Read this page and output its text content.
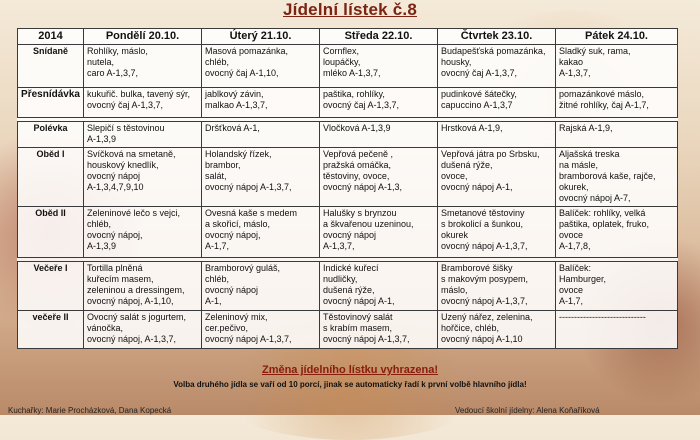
Jídelní lístek č.8
2014	Pondělí 20.10.	Úterý 21.10.	Středa 22.10.	Čtvrtek 23.10.	Pátek 24.10.
Snídaně	Rohlíky, máslo,
nutela,
caro A-1,3,7,	Masová pomazánka,
chléb,
ovocný čaj A-1,10,	Cornflex,
loupáčky,
mléko A-1,3,7,	Budapešťská pomazánka,
housky,
ovocný čaj A-1,3,7,	Sladký suk, rama,
kakao
A-1,3,7,
Přesnídávka	kukuřič. bulka, tavený sýr,
ovocný čaj A-1,3,7,	jablkový závin,
malkao A-1,3,7,	paštika, rohlíky,
ovocný čaj A-1,3,7,	pudinkové šátečky,
capuccino A-1,3,7	pomazánkové máslo,
žitné rohlíky, čaj A-1,7,

Polévka	Slepičí s těstovinou
A-1,3,9	Dršťková A-1,	Vločková A-1,3,9	Hrstková A-1,9,	Rajská A-1,9,
Oběd I	Svíčková na smetaně,
houskový knedlík,
ovocný nápoj
A-1,3,4,7,9,10	Holandský řízek,
brambor,
salát,
ovocný nápoj A-1,3,7,	Vepřová pečeně ,
pražská omáčka,
těstoviny, ovoce,
ovocný nápoj A-1,3,	Vepřová játra po Srbsku,
dušená rýže,
ovoce,
ovocný nápoj A-1,	Aljašská treska
na másle,
bramborová kaše, rajče,
okurek,
ovocný nápoj A-7,
Oběd II	Zeleninové lečo s vejci,
chléb,
ovocný nápoj,
A-1,3,9	Ovesná kaše s medem
a skořicí, máslo,
ovocný nápoj,
A-1,7,	Halušky s brynzou
a škvařenou uzeninou,
ovocný nápoj
A-1,3,7,	Smetanové těstoviny
s brokolicí a šunkou,
okurek
ovocný nápoj A-1,3,7,	Balíček: rohlíky, velká
paštika, oplatek, fruko,
ovoce
A-1,7,8,

Večeře I	Tortilla plněná
kuřecím masem,
zeleninou a dressingem,
ovocný nápoj, A-1,10,	Bramborový guláš,
chléb,
ovocný nápoj
A-1,	Indické kuřecí
nudličky,
dušená rýže,
ovocný nápoj A-1,	Bramborové šišky
s makovým posypem,
máslo,
ovocný nápoj A-1,3,7,	Balíček:
Hamburger,
ovoce
A-1,7,
večeře II	Ovocný salát s jogurtem,
vánočka,
ovocný nápoj, A-1,3,7,	Zeleninový mix,
cer.pečivo,
ovocný nápoj A-1,3,7,	Těstovinový salát
s krabím masem,
ovocný nápoj A-1,3,7,	Uzený nářez, zelenina,
hořčice, chléb,
ovocný nápoj A-1,10	-----------------------------
Změna jídelního lístku vyhrazena!
Volba druhého jídla se vaří od 10 porcí, jinak se automaticky řadí k první volbě hlavního jídla!
Kuchařky: Marie Procházková, Dana Kopecká	Vedoucí školní jídelny: Alena Koňaříková
